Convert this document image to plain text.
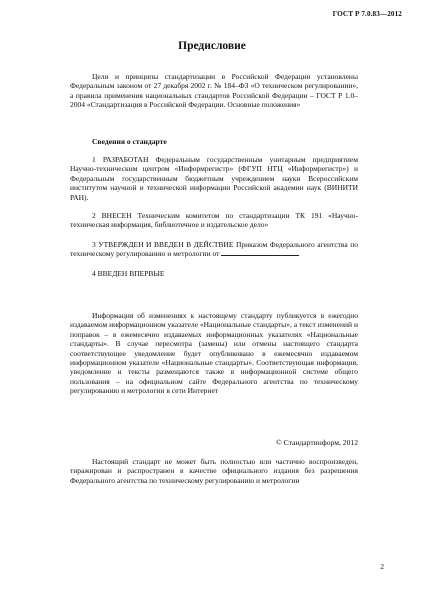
ГОСТ Р 7.0.83—2012
Предисловие

Цели и принципы стандартизации в Российской Федерации установлены Федеральным законом от 27 декабря 2002 г. № 184–ФЗ «О техническом регулировании», а правила применения национальных стандартов Российской Федерации – ГОСТ Р 1.0–2004 «Стандартизация в Российской Федерации. Основные положения»

Сведения о стандарте

1 РАЗРАБОТАН Федеральным государственным унитарным предприятием Научно-техническим центром «Информрегистр» (ФГУП НТЦ «Информрегистр») и Федеральным государственным бюджетным учреждением науки Всероссийским институтом научной и технической информации Российской академии наук (ВИНИТИ РАН).

2 ВНЕСЕН Техническим комитетом по стандартизации ТК 191 «Научно-техническая информация, библиотечное и издательское дело»

3 УТВЕРЖДЕН И ВВЕДЕН В ДЕЙСТВИЕ Приказом Федерального агентства по техническому регулированию и метрологии от

4 ВВЕДЕН ВПЕРВЫЕ

Информация об изменениях к настоящему стандарту публикуется в ежегодно издаваемом информационном указателе «Национальные стандарты», а текст изменений и поправок – в ежемесячно издаваемых информационных указателях «Национальные стандарты». В случае пересмотра (замены) или отмены настоящего стандарта соответствующее уведомление будет опубликовано в ежемесячно издаваемом информационном указателе «Национальные стандарты». Соответствующая информация, уведомление и тексты размещаются также в информационной системе общего пользования – на официальном сайте Федерального агентства по техническому регулированию и метрологии в сети Интернет

© Стандартинформ, 2012

Настоящий стандарт не может быть полностью или частично воспроизведен, тиражирован и распространен в качестве официального издания без разрешения Федерального агентства по техническому регулированию и метрологии

2
